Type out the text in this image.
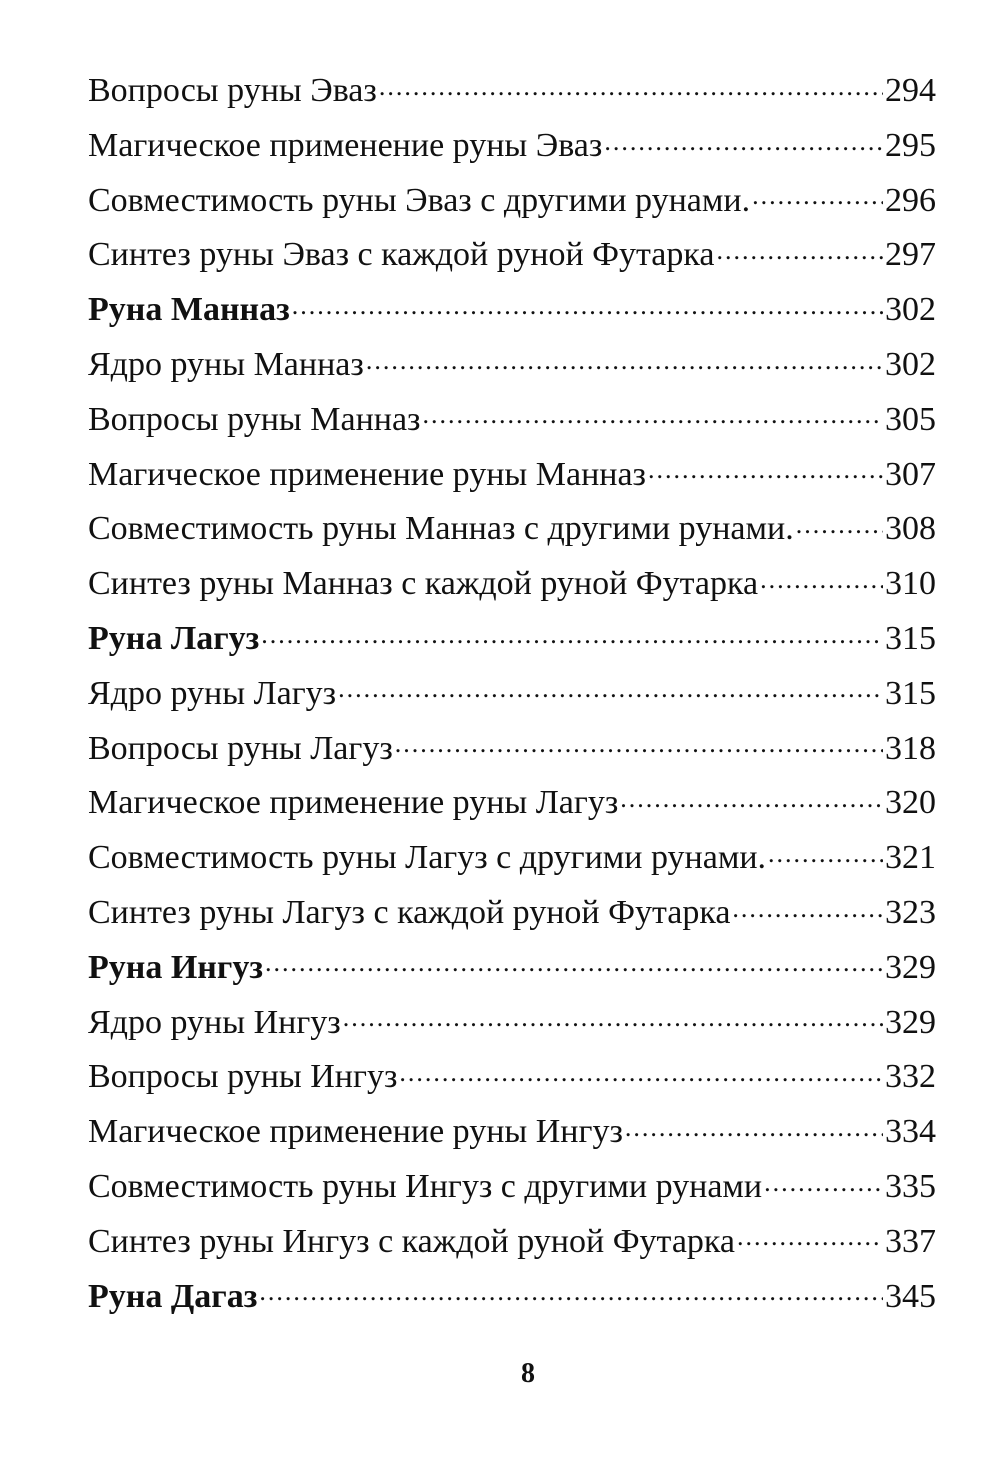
Вопросы руны Эваз .....	294
Магическое применение руны Эваз .....	295
Совместимость руны Эваз с другими рунами. .....	296
Синтез руны Эваз с каждой руной Футарка .....	297
Руна Манназ .....	302
Ядро руны Манназ .....	302
Вопросы руны Манназ .....	305
Магическое применение руны Манназ .....	307
Совместимость руны Манназ с другими рунами. .....	308
Синтез руны Манназ с каждой руной Футарка .....	310
Руна Лагуз .....	315
Ядро руны Лагуз .....	315
Вопросы руны Лагуз .....	318
Магическое применение руны Лагуз .....	320
Совместимость руны Лагуз с другими рунами. .....	321
Синтез руны Лагуз с каждой руной Футарка .....	323
Руна Ингуз .....	329
Ядро руны Ингуз .....	329
Вопросы руны Ингуз .....	332
Магическое применение руны Ингуз .....	334
Совместимость руны Ингуз с другими рунами .....	335
Синтез руны Ингуз с каждой руной Футарка .....	337
Руна Дагаз .....	345
8
